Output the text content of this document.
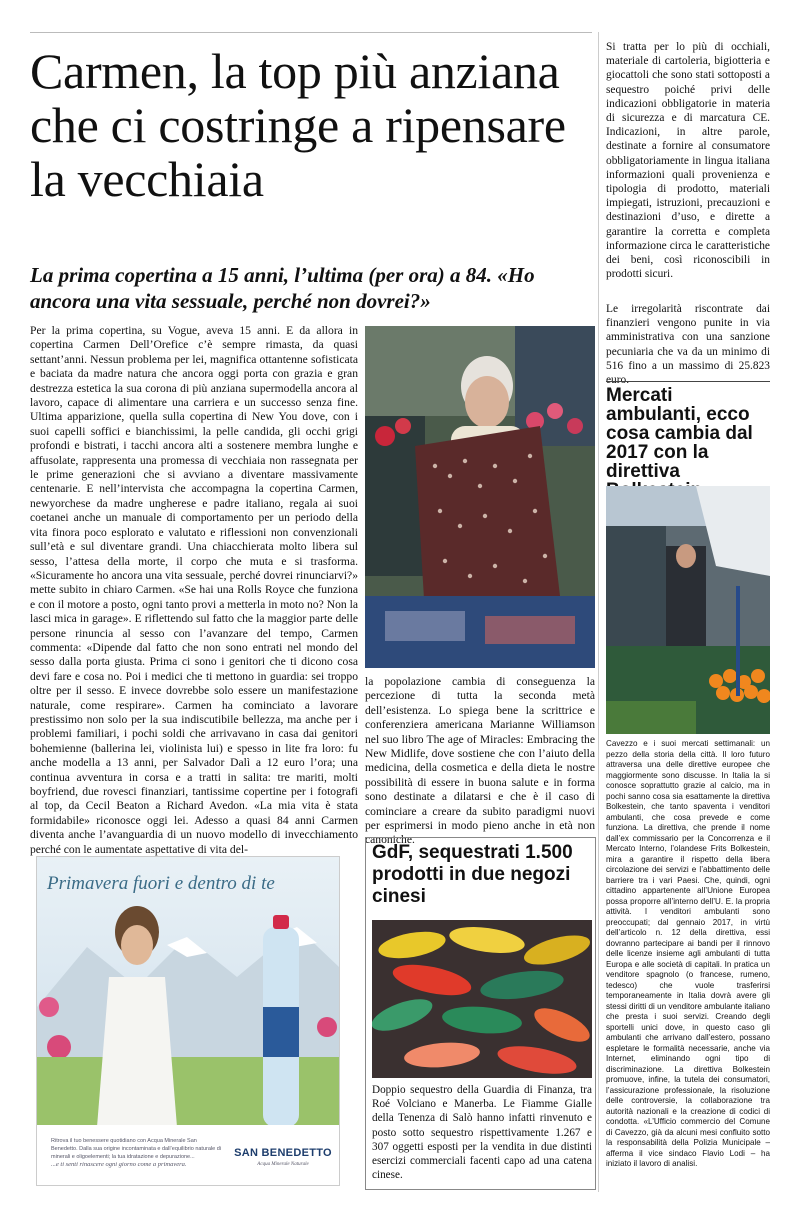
Carmen, la top più anziana che ci costringe a ripensare la vecchiaia
La prima copertina a 15 anni, l’ultima (per ora) a 84. «Ho ancora una vita sessuale, perché non dovrei?»

Per la prima copertina, su Vogue, aveva 15 anni. E da allora in copertina Carmen Dell’Orefice c’è sempre rimasta, da quasi settant’anni. Nessun problema per lei, magnifica ottantenne sofisticata e baciata da madre natura che ancora oggi porta con grazia e gran destrezza estetica la sua corona di più anziana supermodella ancora al lavoro, capace di alimentare una carriera e un successo senza fine. Ultima apparizione, quella sulla copertina di New You dove, con i suoi capelli soffici e bianchissimi, la pelle candida, gli occhi grigi profondi e bistrati, i tacchi ancora alti a sostenere membra lunghe e affusolate, rappresenta una promessa di vecchiaia non rassegnata per le prime generazioni che si avviano a diventare massivamente centenarie. E nell’intervista che accompagna la copertina Carmen, newyorchese da madre ungherese e padre italiano, regala ai suoi coetanei anche un manuale di comportamento per un periodo della vita finora poco esplorato e valutato e riflessioni non convenzionali sull’età e sul diventare grandi. Una chiacchierata molto libera sul sesso, l’attesa della morte, il corpo che muta e si trasforma. «Sicuramente ho ancora una vita sessuale, perché dovrei rinunciarvi?» mette subito in chiaro Carmen. «Se hai una Rolls Royce che funziona e con il motore a posto, ogni tanto provi a metterla in moto no? Non la lasci mica in garage». E riflettendo sul fatto che la maggior parte delle persone rinuncia al sesso con l’avanzare del tempo, Carmen commenta: «Dipende dal fatto che non sono entrati nel mondo del sesso dalla porta giusta. Prima ci sono i genitori che ti dicono cosa devi fare e cosa no. Poi i medici che ti mettono in guardia: sei troppo oltre per il sesso. E invece dovrebbe solo essere un manifestazione naturale, come respirare». Carmen ha cominciato a lavorare prestissimo non solo per la sua indiscutibile bellezza, ma anche per i problemi familiari, i pochi soldi che arrivavano in casa dai genitori bohemienne (ballerina lei, violinista lui) e spesso in lite fra loro: fu anche modella a 13 anni, per Salvador Dalì a 12 euro l’ora; una continua avventura in corsa e a tratti in salita: tre mariti, molti boyfriend, due rovesci finanziari, tantissime copertine per i fotografi al top, da Cecil Beaton a Richard Avedon. «La mia vita è stata formidabile» riconosce oggi lei. Adesso a quasi 84 anni Carmen diventa anche l’avanguardia di un nuovo modello di invecchiamento perché con le aumentate aspettative di vita del-

la popolazione cambia di conseguenza la percezione di tutta la seconda metà dell’esistenza. Lo spiega bene la scrittrice e conferenziera americana Marianne Williamson nel suo libro The age of Miracles: Embracing the New Midlife, dove sostiene che con l’aiuto della medicina, della cosmetica e della dieta le nostre possibilità di essere in buona salute e in forma sono destinate a dilatarsi e che è il caso di cominciare a creare da subito paradigmi nuovi per esprimersi in modo pieno anche in età non canoniche.

Si tratta per lo più di occhiali, materiale di cartoleria, bigiotteria e giocattoli che sono stati sottoposti a sequestro poiché privi delle indicazioni obbligatorie in materia di sicurezza e di marcatura CE. Indicazioni, in altre parole, destinate a fornire al consumatore obbligatoriamente in lingua italiana informazioni quali provenienza e tipologia di prodotto, materiali impiegati, istruzioni, precauzioni e destinazioni d’uso, e dirette a garantire la corretta e completa informazione circa le caratteristiche dei beni, così riconoscibili in prodotti sicuri.

Le irregolarità riscontrate dai finanzieri vengono punite in via amministrativa con una sanzione pecuniaria che va da un minimo di 516 fino a un massimo di 25.823

Mercati ambulanti, ecco cosa cambia dal 2017 con la direttiva

Cavezzo e i suoi mercati settimanali: un pezzo della storia della città. Il loro futuro attraversa una delle direttive europee che maggiormente sono discusse. In Italia la si conosce soprattutto grazie al calcio, ma in pochi sanno cosa sia esattamente la direttiva Bolkestein, che tanto spaventa i venditori ambulanti, che cosa prevede e come funziona. La direttiva, che prende il nome dall’ex commissario per la Concorrenza e il Mercato Interno, l’olandese Frits Bolkestein, mira a garantire il rispetto della libera circolazione dei servizi e l’abbattimento delle barriere tra i vari Paesi. Che, quindi, ogni cittadino appartenente all’Unione Europea possa proporre all’interno dell’U. E. la propria attività. I venditori ambulanti sono preoccupati; dal gennaio 2017, in virtù dell’articolo n. 12 della direttiva, essi dovranno partecipare ai bandi per il rinnovo delle licenze insieme agli ambulanti di tutta Europa e alle società di capitali. In pratica un venditore spagnolo (o francese, rumeno, tedesco) che vuole trasferirsi temporaneamente in Italia dovrà avere gli stessi diritti di un venditore ambulante italiano che presta i suoi servizi. Creando degli sportelli unici dove, in questo caso gli ambulanti che arrivano dall’estero, possano espletare le formalità necessarie, anche via Internet, eliminando ogni tipo di discriminazione. La direttiva Bolkestein promuove, infine, la tutela dei consumatori, l’assicurazione professionale, la risoluzione delle controversie, la collaborazione tra autorità nazionali e la creazione di codici di condotta. «L’Ufficio commercio del Comune di Cavezzo, già da alcuni mesi confluito sotto la responsabilità della Polizia Municipale – afferma il vice sindaco Flavio Lodi – ha iniziato il lavoro di analisi.

GdF, sequestrati 1.500 prodotti in due negozi cinesi

Doppio sequestro della Guardia di Finanza, tra Roé Volciano e Manerba. Le Fiamme Gialle della Tenenza di Salò hanno infatti rinvenuto e posto sotto sequestro rispettivamente 1.267 e 307 oggetti esposti per la vendita in due distinti esercizi commerciali facenti capo ad una catena cinese.

Primavera fuori e dentro di te

Ritrova il tuo benessere quotidiano con Acqua Minerale San Benedetto. Dalla sua origine incontaminata e dall’equilibrio naturale di minerali e oligoelementi; la tua idratazione e depurazione...

...e ti senti rinascere ogni giorno come a primavera.
SAN BENEDETTO
Acqua Minerale Naturale
